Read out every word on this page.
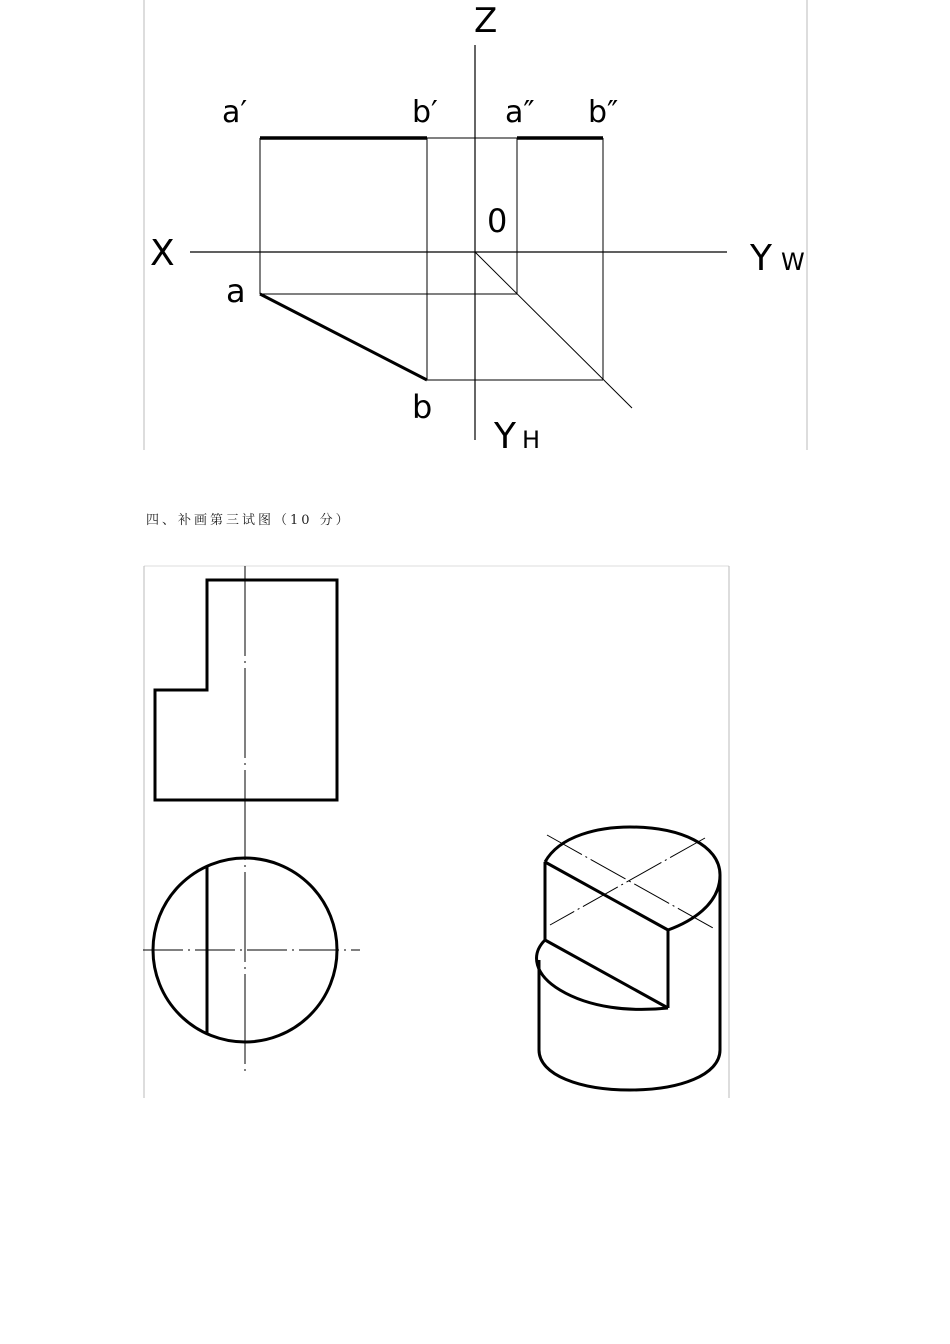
Z
X	Y W
Y H
0
a′	b′ a″ b″
a
b
四、补画第三试图（10 分）
